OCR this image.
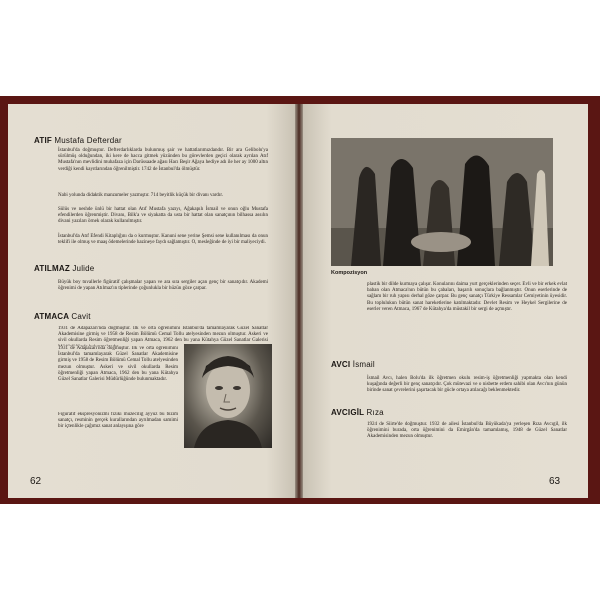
ATIF Mustafa Defterdar
İstanbul'da doğmuştur. Defterdarlıklarda bulunmuş şair ve hattatlarımızdandır. Bir ara Gelibolu'ya sürülmüş olduğundan, iki kere de hacca gitmek yüzünden bu görevlerden geçici olarak ayrılan Atıf Mustafa'nın mevlidini muhafaza için Darüssaade ağası Hacı Beşir Ağaya hediye adı ile her ay 1000 altın verdiği kendi kayıtlarından öğrenilmiştir. 1742 de İstanbul'da ölmüştür.
Nabi yolunda didaktik manzumeler yazmıştır. 714 beyitlik küçük bir divanı vardır.
Sülüs ve neshde ünlü bir hattat olan Atıf Mustafa yazıyı, Ağakapılı İsmail ve onun oğlu Mustafa efendilerden öğrenmiştir. Divanı, Bilk'a ve siyakatta da usta bir hattat olan sanatçının bilhassa assılın divani yazıları örnek olarak kullanılmıştır.
İstanbul'da Atıf Efendi Kitaplığını da o kurmuştur. Kanuni sene yerine Şemsi sene kullanılması da onun teklifi ile olmuş ve maaş ödemelerinde hazineye faydı sağlamıştır. O, mesleğinde de iyi bir maliyeciydi.
ATILMAZ Julide
Büyük boy tuvallerle figüratif çalışmalar yapan ve ara sıra sergiler açan genç bir sanatçıdır. Akademi öğrenimi de yapan Atılmaz'ın tiplerinde çoğunlukla bir hüzün göze çarpar.
ATMACA Cavit
1931 de Adapazarı'nda doğmuştur. İlk ve orta öğrenimini İstanbul'da tamamlayarak Güzel Sanatlar Akademisine girmiş ve 1958 de Resim Bölümü Cemal Tollu atelyesinden mezun olmuştur. Askeri ve sivil okullarda Resim öğretmenliği yapan Atmaca, 1962 den bu yana Kütahya Güzel Sanatlar Galerisi
1931 de Adapazarı'nda doğmuştur. İlk ve orta öğrenimini İstanbul'da tamamlayarak Güzel Sanatlar Akademisine girmiş ve 1958 de Resim Bölümü Cemal Tollu atelyesinden mezun olmuştur. Askeri ve sivil okullarda Resim öğretmenliği yapan Atmaca, 1962 den bu yana Kütahya Güzel Sanatlar Galerisi Müdürlüğünde bulunmaktadır.
Figüratif ekspresyonizmi fiziki müzeciliğ ayyüz bu bizim sanatçı, resminin gerçek kurallarından ayrılmadan samimi bir içtenlikle çağımız sanat anlayışına göre
62
Kompozisyon
plastik bir dilde kurmaya çalışır. Konularını daima yurt gerçeklerinden seçer. Evli ve bir erkek evlat baban olan Atmaca'nın bütün bu çabaları, başarılı sonuçlara bağlanmıştır. Onun eserlerinde de sağlam bir ruh yapısı derhal göze çarpar. Bu genç sanatçı Türkiye Ressamlar Cemiyetinin üyesidir. Bu toplulukun bütün sanat hareketlerine katılmaktadır. Devlet Resim ve Heykel Sergilerine de eserler veren Atmaca, 1967 de Kütahya'da müstakil bir sergi de açmıştır.
AVCI İsmail
İsmail Avcı, halen Bolu'da ilk öğretmen okulu resim-iş öğretmenliği yapmakta olan kendi kuşağında değerli bir genç sanatçıdır. Çok mütevazi ve o nisbette erdem sahibi olan Avcı'nın günün birinde sanat çevrelerini şaşırtacak bir gücle ortaya atılacağı beklenmektedir.
AVCIGİL Rıza
1924 de Siirte'de doğmuştur. 1932 de ailesi İstanbul'da Büyükada'ya yerleşen Rıza Avcıgil, ilk öğrenimini burada, orta öğrenimini da Emirgân'da tamamlamış, 1948 de Güzel Sanatlar Akademisinden mezun olmuştur.
63
